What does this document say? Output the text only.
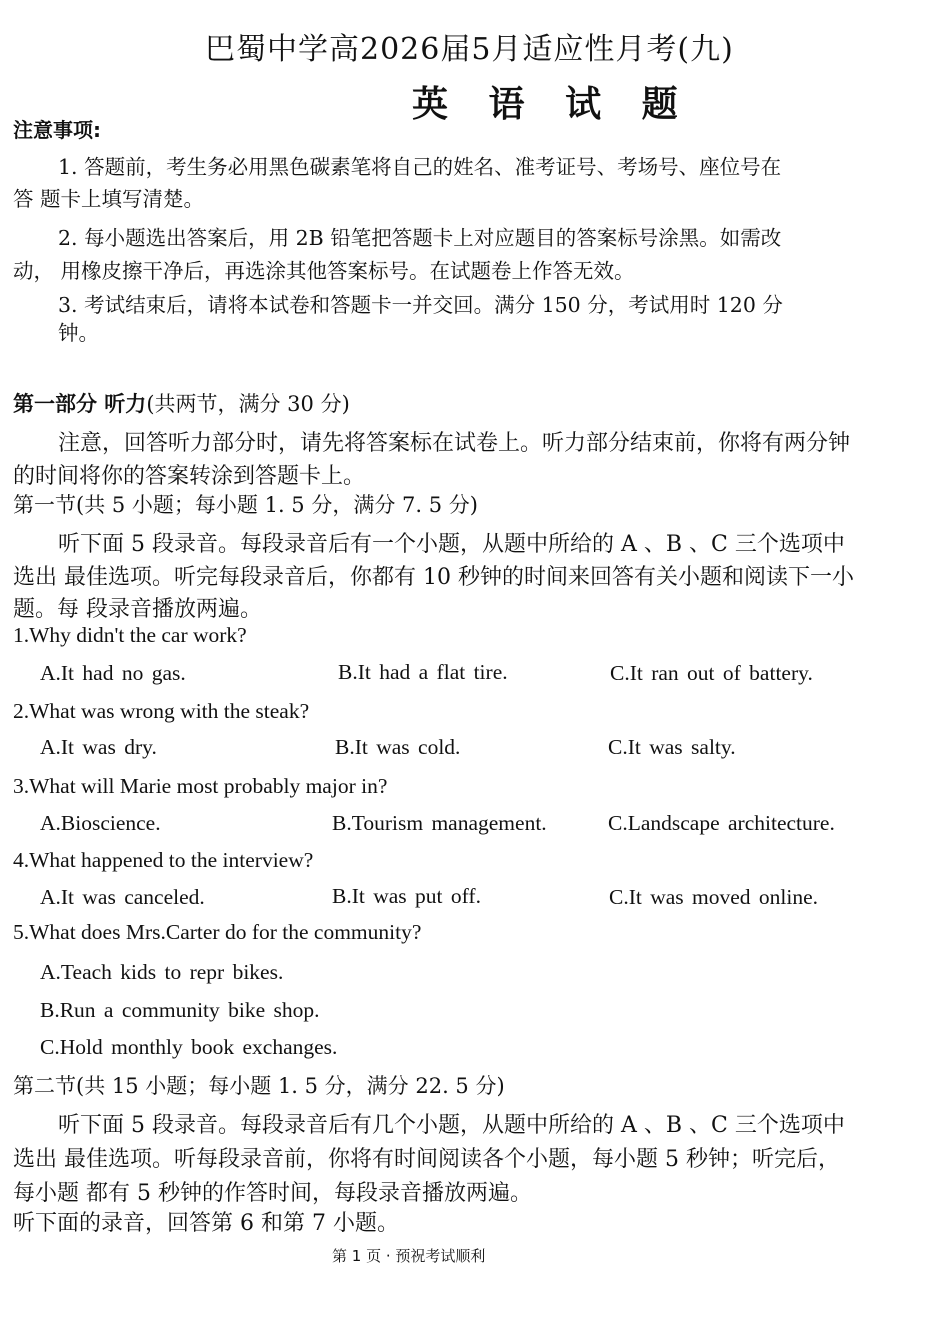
巴蜀中学高2026届5月适应性月考(九)
英 语 试 题
注意事项:
1. 答题前，考生务必用黑色碳素笔将自己的姓名、准考证号、考场号、座位号在
答 题卡上填写清楚。
2. 每小题选出答案后，用 2B 铅笔把答题卡上对应题目的答案标号涂黑。如需改
动， 用橡皮擦干净后，再选涂其他答案标号。在试题卷上作答无效。
3. 考试结束后，请将本试卷和答题卡一并交回。满分 150 分，考试用时 120 分
钟。
第一部分 听力(共两节，满分 30 分)
注意，回答听力部分时，请先将答案标在试卷上。听力部分结束前，你将有两分钟
的时间将你的答案转涂到答题卡上。
第一节(共 5 小题；每小题 1. 5 分，满分 7. 5 分)
听下面 5 段录音。每段录音后有一个小题，从题中所给的 A 、B 、C 三个选项中
选出 最佳选项。听完每段录音后，你都有 10 秒钟的时间来回答有关小题和阅读下一小
题。每 段录音播放两遍。
1.Why didn't the car work?
A.It had no gas.	B.It had a flat tire.	C.It ran out of battery.
2.What was wrong with the steak?
A.It was dry.	B.It was cold.	C.It was salty.
3.What will Marie most probably major in?
A.Bioscience.	B.Tourism management.	C.Landscape architecture.
4.What happened to the interview?
A.It was canceled.	B.It was put off.	C.It was moved online.
5.What does Mrs.Carter do for the community?
A.Teach kids to repr bikes.
B.Run a community bike shop.
C.Hold monthly book exchanges.
第二节(共 15 小题；每小题 1. 5 分，满分 22. 5 分)
听下面 5 段录音。每段录音后有几个小题，从题中所给的 A 、B 、C 三个选项中
选出 最佳选项。听每段录音前，你将有时间阅读各个小题，每小题 5 秒钟；听完后，
每小题 都有 5 秒钟的作答时间，每段录音播放两遍。
听下面的录音，回答第 6 和第 7 小题。
第 1 页 · 预祝考试顺利
